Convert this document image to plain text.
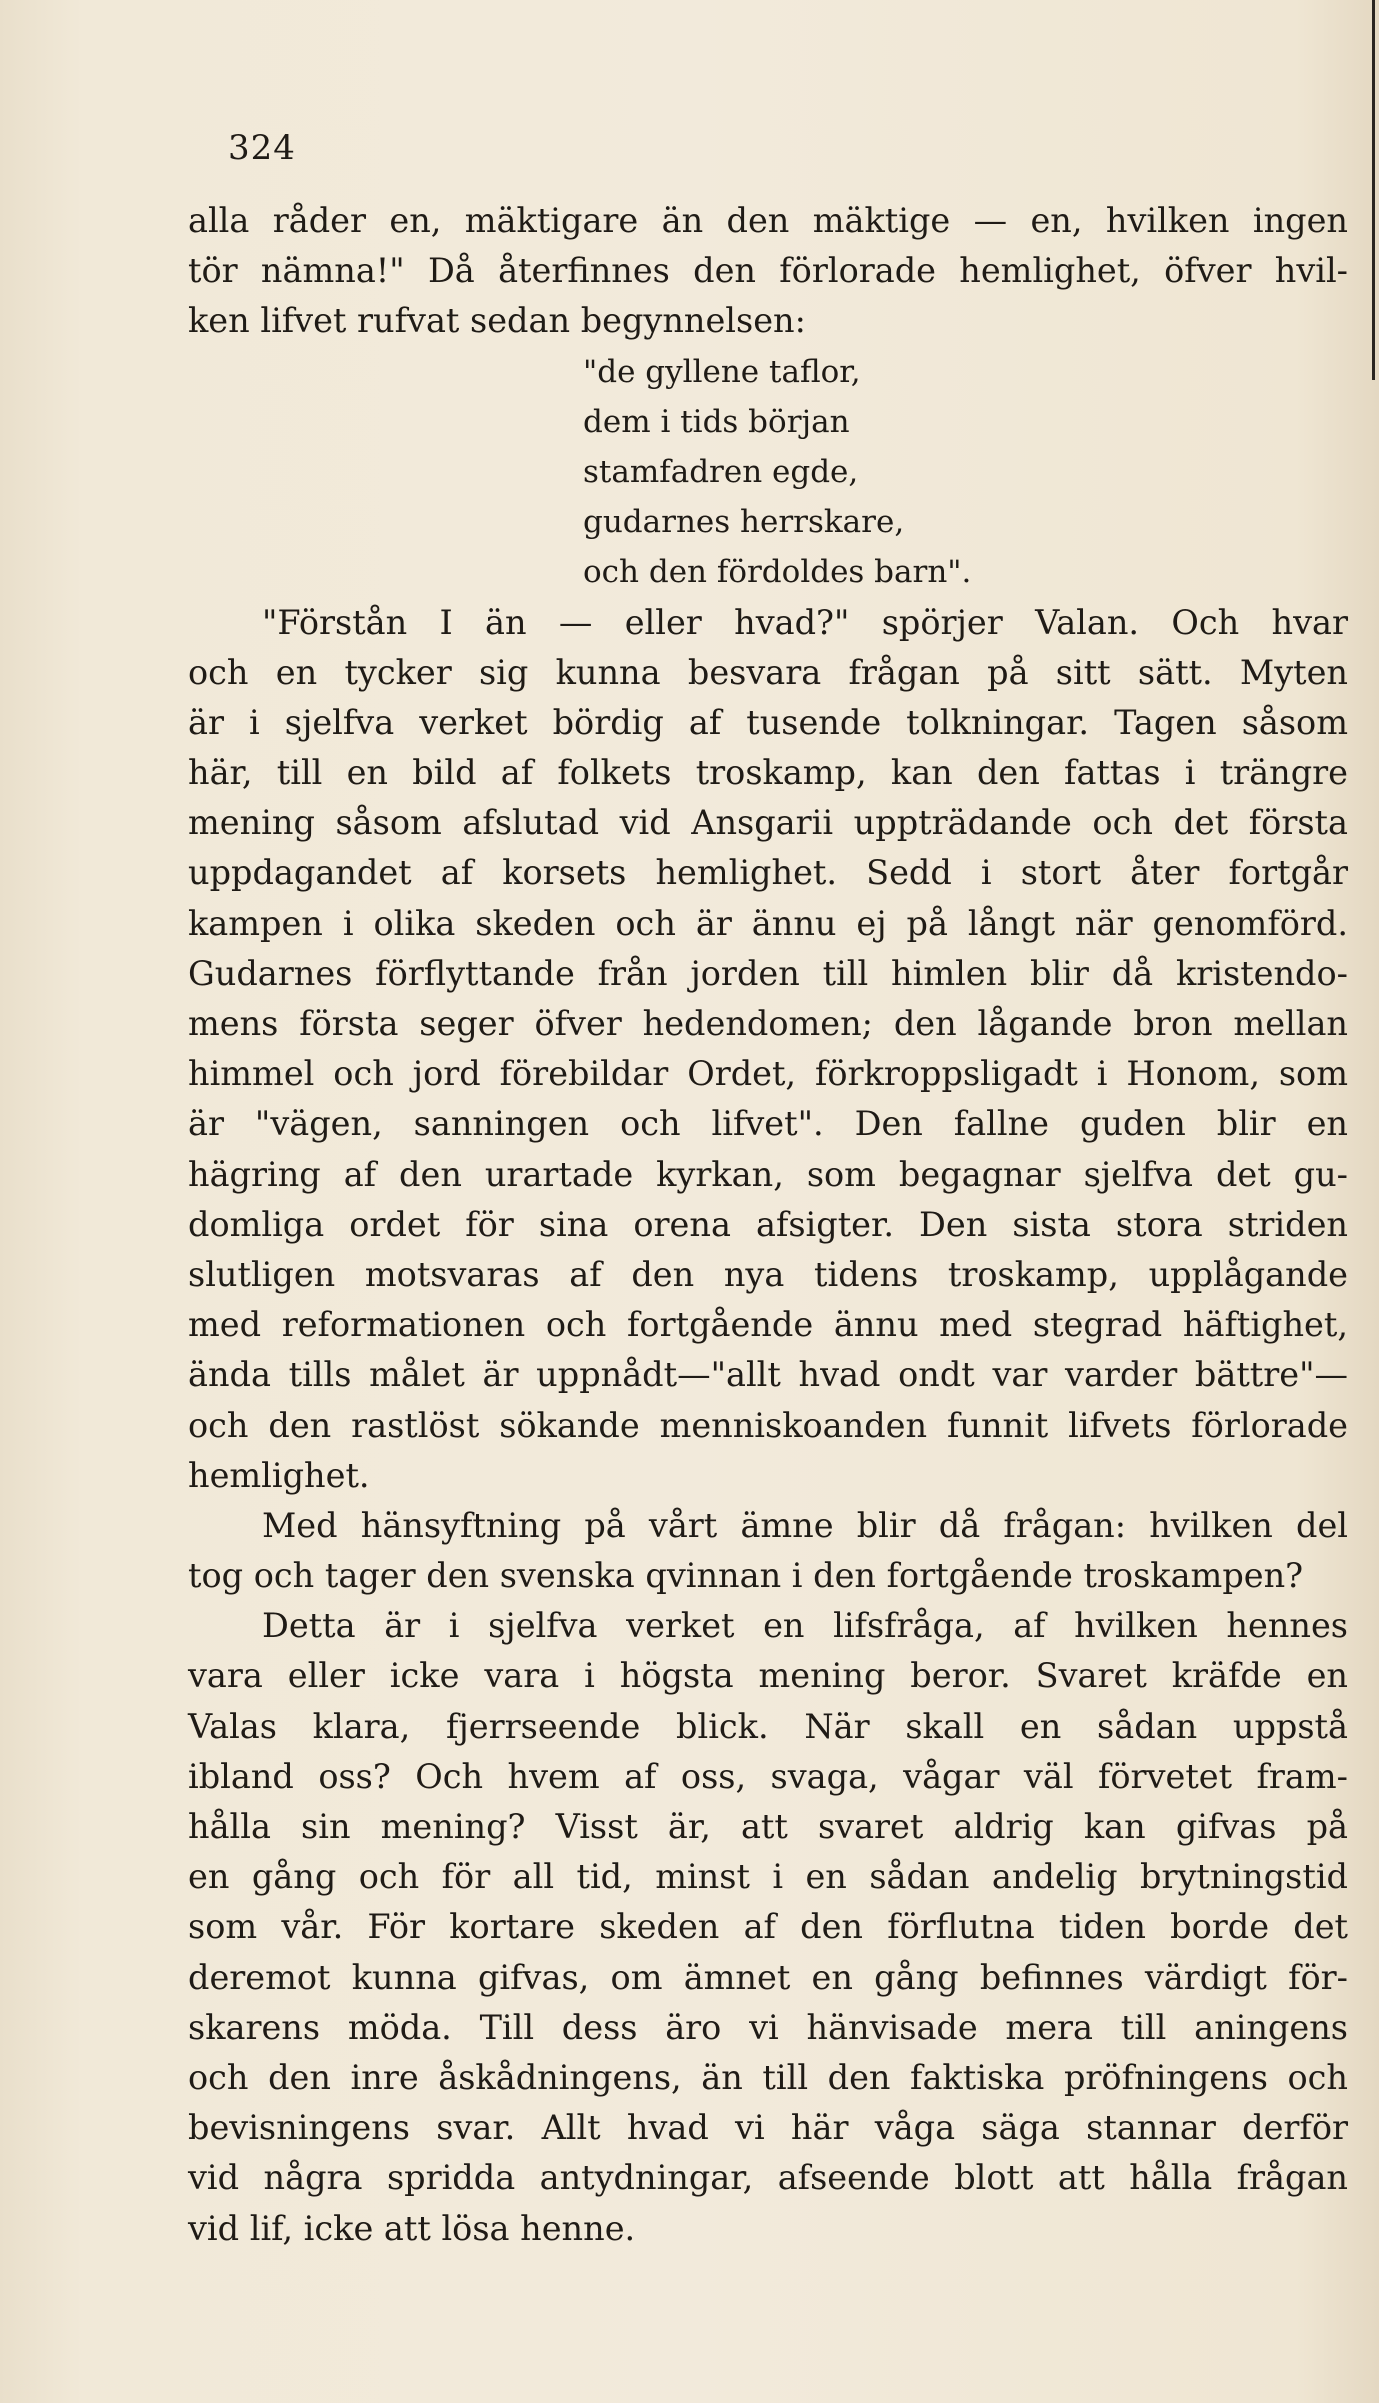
324
alla råder en, mäktigare än den mäktige — en, hvilken ingen
tör nämna!" Då återfinnes den förlorade hemlighet, öfver hvil-
ken lifvet rufvat sedan begynnelsen:
"de gyllene taflor,
dem i tids början
stamfadren egde,
gudarnes herrskare,
och den fördoldes barn".
"Förstån I än — eller hvad?" spörjer Valan. Och hvar
och en tycker sig kunna besvara frågan på sitt sätt. Myten
är i sjelfva verket bördig af tusende tolkningar. Tagen såsom
här, till en bild af folkets troskamp, kan den fattas i trängre
mening såsom afslutad vid Ansgarii uppträdande och det första
uppdagandet af korsets hemlighet. Sedd i stort åter fortgår
kampen i olika skeden och är ännu ej på långt när genomförd.
Gudarnes förflyttande från jorden till himlen blir då kristendo-
mens första seger öfver hedendomen; den lågande bron mellan
himmel och jord förebildar Ordet, förkroppsligadt i Honom, som
är "vägen, sanningen och lifvet". Den fallne guden blir en
hägring af den urartade kyrkan, som begagnar sjelfva det gu-
domliga ordet för sina orena afsigter. Den sista stora striden
slutligen motsvaras af den nya tidens troskamp, upplågande
med reformationen och fortgående ännu med stegrad häftighet,
ända tills målet är uppnådt—"allt hvad ondt var varder bättre"—
och den rastlöst sökande menniskoanden funnit lifvets förlorade
hemlighet.
Med hänsyftning på vårt ämne blir då frågan: hvilken del
tog och tager den svenska qvinnan i den fortgående troskampen?
Detta är i sjelfva verket en lifsfråga, af hvilken hennes
vara eller icke vara i högsta mening beror. Svaret kräfde en
Valas klara, fjerrseende blick. När skall en sådan uppstå
ibland oss? Och hvem af oss, svaga, vågar väl förvetet fram-
hålla sin mening? Visst är, att svaret aldrig kan gifvas på
en gång och för all tid, minst i en sådan andelig brytningstid
som vår. För kortare skeden af den förflutna tiden borde det
deremot kunna gifvas, om ämnet en gång befinnes värdigt för-
skarens möda. Till dess äro vi hänvisade mera till aningens
och den inre åskådningens, än till den faktiska pröfningens och
bevisningens svar. Allt hvad vi här våga säga stannar derför
vid några spridda antydningar, afseende blott att hålla frågan
vid lif, icke att lösa henne.
